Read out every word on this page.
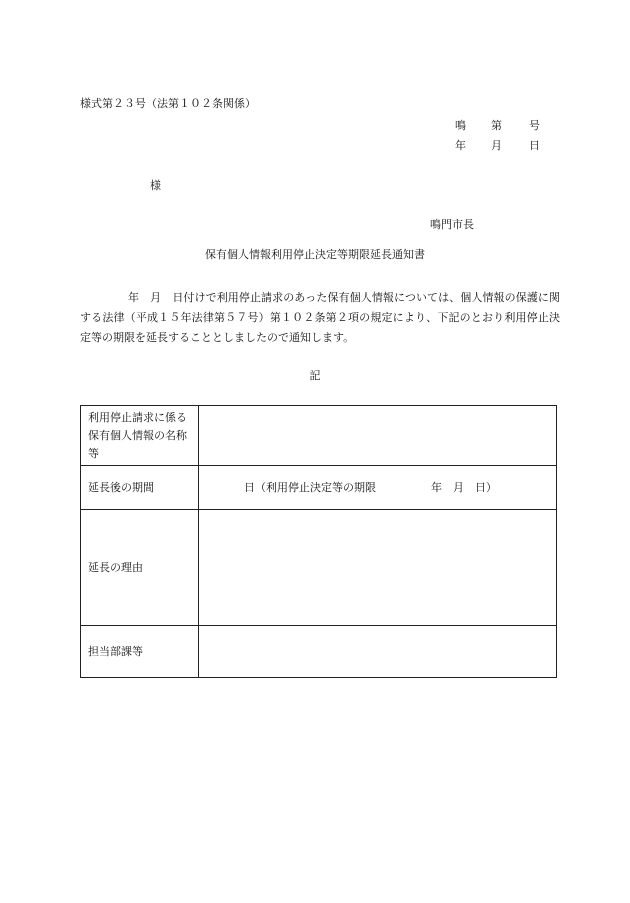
様式第２３号（法第１０２条関係）
鳴 第 号
年 月 日
様
鳴門市長
保有個人情報利用停止決定等期限延長通知書
年　月　日付けで利用停止請求のあった保有個人情報については、個人情報の保護に関する法律（平成１５年法律第５７号）第１０２条第２項の規定により、下記のとおり利用停止決定等の期限を延長することとしましたので通知します。
記
利用停止請求に係る保有個人情報の名称等	
延長後の期間	日（利用停止決定等の期限　　　　　年　月　日）
延長の理由	
担当部課等	
